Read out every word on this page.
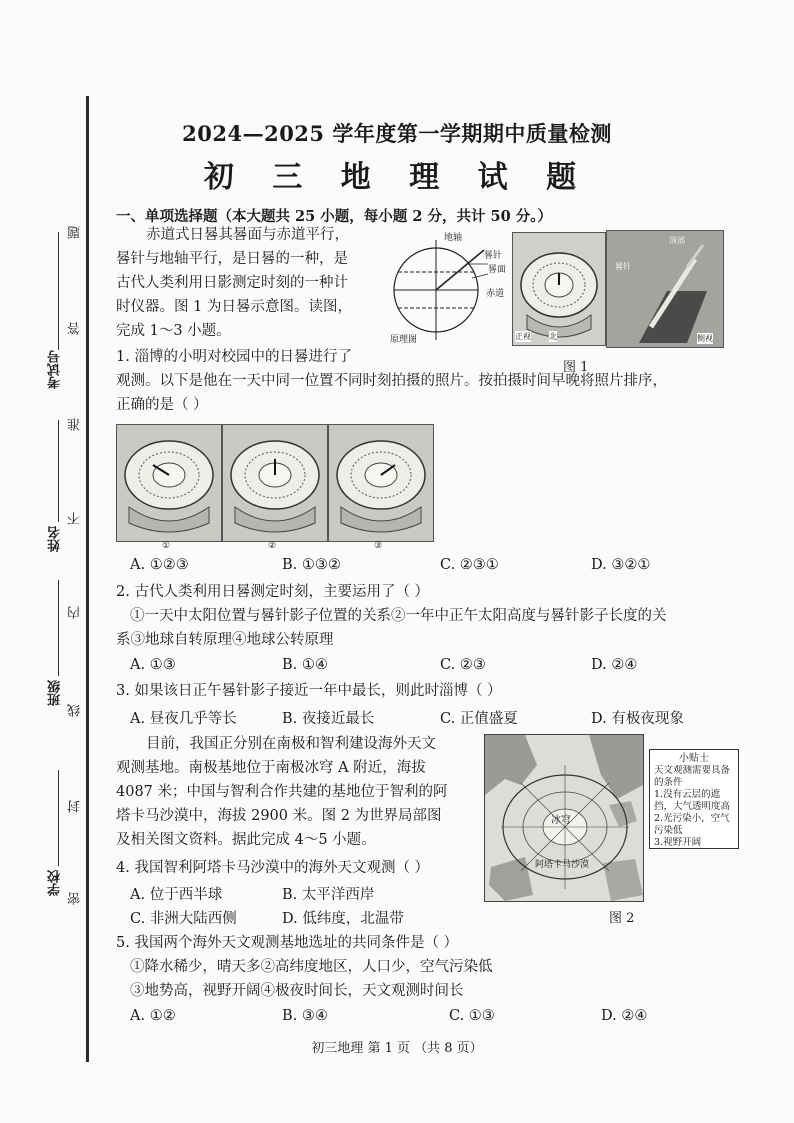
考试号
姓名
班级
学校
题
答
准
不
内
线
封
密
2024—2025 学年度第一学期期中质量检测
初 三 地 理 试 题
一、单项选择题（本大题共 25 小题，每小题 2 分，共计 50 分。）
赤道式日晷其晷面与赤道平行，
晷针与地轴平行，是日晷的一种，是
古代人类利用日影测定时刻的一种计
时仪器。图 1 为日晷示意图。读图，
完成 1～3 小题。
地轴
晷针
晷面
赤道
原理图	正视 北
晷针
顶部
侧视
图 1
1. 淄博的小明对校园中的日晷进行了
观测。以下是他在一天中同一位置不同时刻拍摄的照片。按拍摄时间早晚将照片排序，
正确的是（ ）
①	②	③
A. ①②③	B. ①③②	C. ②③①	D. ③②①
2. 古代人类利用日晷测定时刻，主要运用了（ ）
①一天中太阳位置与晷针影子位置的关系②一年中正午太阳高度与晷针影子长度的关
系③地球自转原理④地球公转原理
A. ①③	B. ①④	C. ②③	D. ②④
3. 如果该日正午晷针影子接近一年中最长，则此时淄博（ ）
A. 昼夜几乎等长	B. 夜接近最长	C. 正值盛夏	D. 有极夜现象
目前，我国正分别在南极和智利建设海外天文
观测基地。南极基地位于南极冰穹 A 附近，海拔
4087 米；中国与智利合作共建的基地位于智利的阿
塔卡马沙漠中，海拔 2900 米。图 2 为世界局部图
及相关图文资料。据此完成 4～5 小题。
冰穹
阿塔卡马沙漠
小贴士
天文观测需要具备的条件
1.没有云层的遮挡，大气透明度高
2.光污染小，空气污染低
3.视野开阔
图 2
4. 我国智利阿塔卡马沙漠中的海外天文观测（ ）
A. 位于西半球	B. 太平洋西岸
C. 非洲大陆西侧	D. 低纬度，北温带
5. 我国两个海外天文观测基地选址的共同条件是（ ）
①降水稀少，晴天多②高纬度地区，人口少，空气污染低
③地势高，视野开阔④极夜时间长，天文观测时间长
A. ①②	B. ③④	C. ①③	D. ②④
初三地理 第 1 页 （共 8 页）
